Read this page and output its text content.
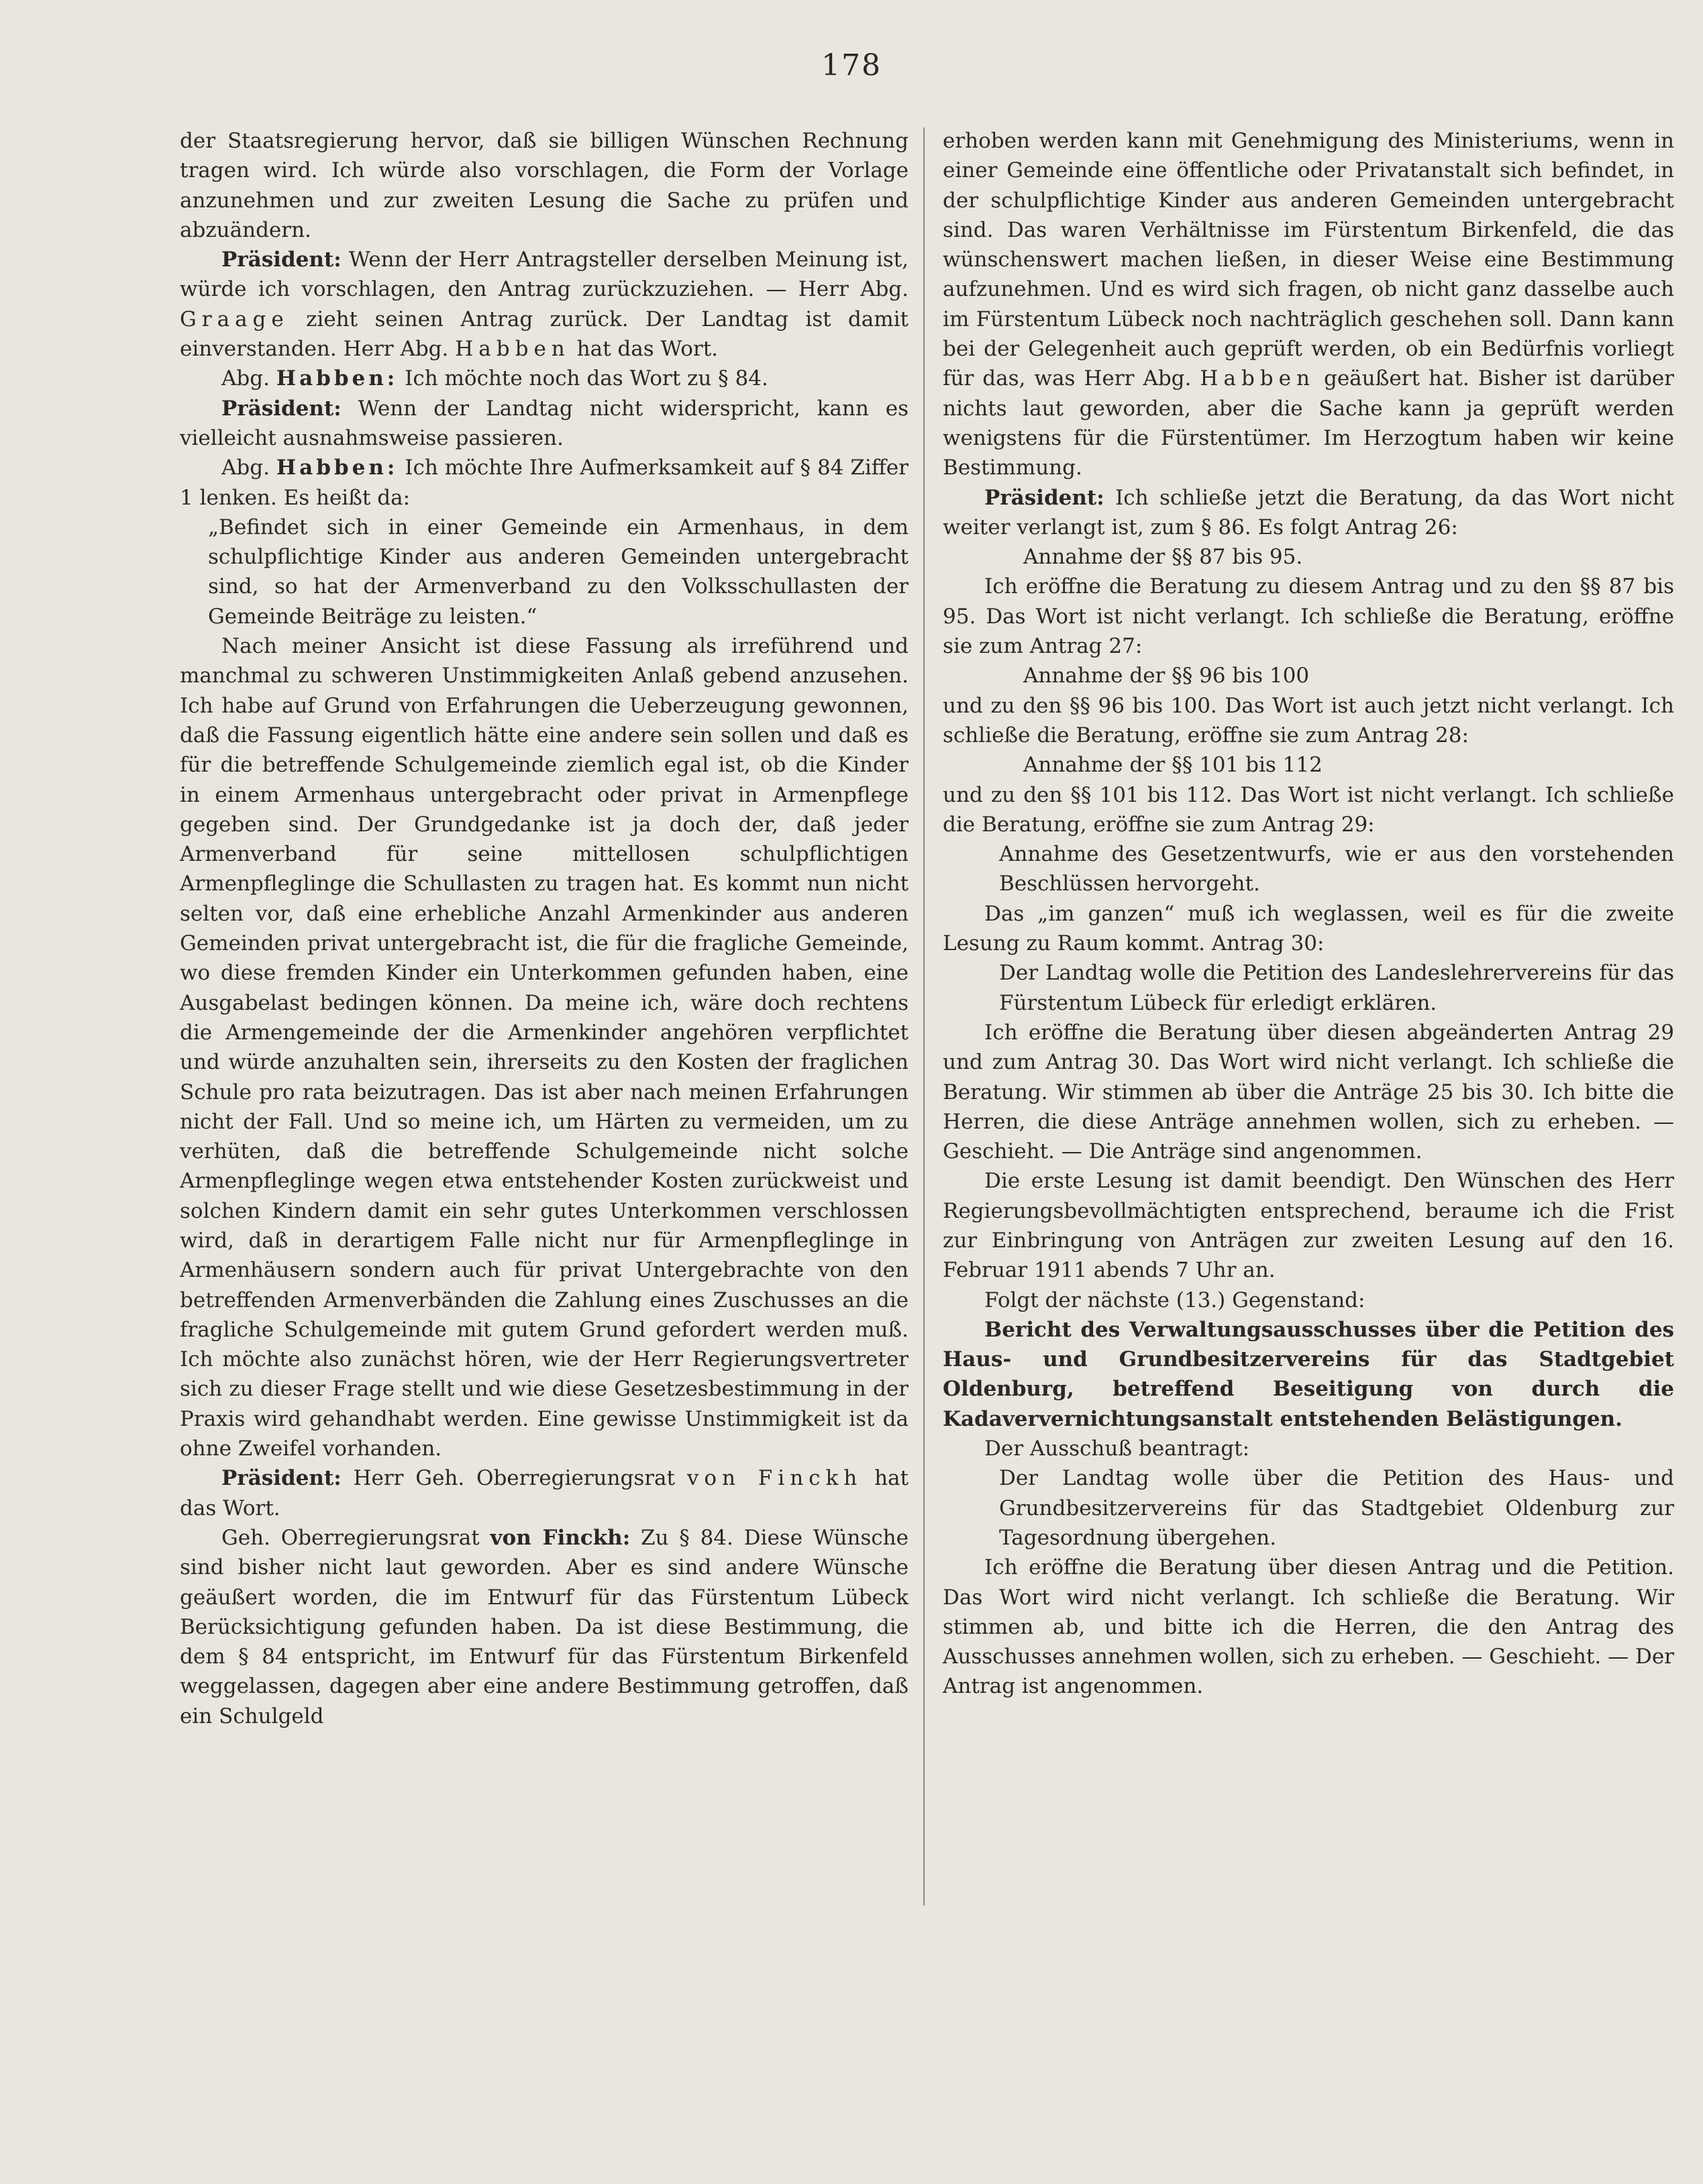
178

der Staatsregierung hervor, daß sie billigen Wünschen Rechnung tragen wird. Ich würde also vorschlagen, die Form der Vorlage anzunehmen und zur zweiten Lesung die Sache zu prüfen und abzuändern.

Präsident: Wenn der Herr Antragsteller derselben Meinung ist, würde ich vorschlagen, den Antrag zurückzuziehen. — Herr Abg. Graage zieht seinen Antrag zurück. Der Landtag ist damit einverstanden. Herr Abg. Habben hat das Wort.

Abg. Habben: Ich möchte noch das Wort zu § 84.

Präsident: Wenn der Landtag nicht widerspricht, kann es vielleicht ausnahmsweise passieren.

Abg. Habben: Ich möchte Ihre Aufmerksamkeit auf § 84 Ziffer 1 lenken. Es heißt da:

„Befindet sich in einer Gemeinde ein Armenhaus, in dem schulpflichtige Kinder aus anderen Gemeinden untergebracht sind, so hat der Armenverband zu den Volksschullasten der Gemeinde Beiträge zu leisten.“

Nach meiner Ansicht ist diese Fassung als irreführend und manchmal zu schweren Unstimmigkeiten Anlaß gebend anzusehen. Ich habe auf Grund von Erfahrungen die Ueberzeugung gewonnen, daß die Fassung eigentlich hätte eine andere sein sollen und daß es für die betreffende Schulgemeinde ziemlich egal ist, ob die Kinder in einem Armenhaus untergebracht oder privat in Armenpflege gegeben sind. Der Grundgedanke ist ja doch der, daß jeder Armenverband für seine mittellosen schulpflichtigen Armenpfleglinge die Schullasten zu tragen hat. Es kommt nun nicht selten vor, daß eine erhebliche Anzahl Armenkinder aus anderen Gemeinden privat untergebracht ist, die für die fragliche Gemeinde, wo diese fremden Kinder ein Unterkommen gefunden haben, eine Ausgabelast bedingen können. Da meine ich, wäre doch rechtens die Armengemeinde der die Armenkinder angehören verpflichtet und würde anzuhalten sein, ihrerseits zu den Kosten der fraglichen Schule pro rata beizutragen. Das ist aber nach meinen Erfahrungen nicht der Fall. Und so meine ich, um Härten zu vermeiden, um zu verhüten, daß die betreffende Schulgemeinde nicht solche Armenpfleglinge wegen etwa entstehender Kosten zurückweist und solchen Kindern damit ein sehr gutes Unterkommen verschlossen wird, daß in derartigem Falle nicht nur für Armenpfleglinge in Armenhäusern sondern auch für privat Untergebrachte von den betreffenden Armenverbänden die Zahlung eines Zuschusses an die fragliche Schulgemeinde mit gutem Grund gefordert werden muß. Ich möchte also zunächst hören, wie der Herr Regierungsvertreter sich zu dieser Frage stellt und wie diese Gesetzesbestimmung in der Praxis wird gehandhabt werden. Eine gewisse Unstimmigkeit ist da ohne Zweifel vorhanden.

Präsident: Herr Geh. Oberregierungsrat von Finckh hat das Wort.

Geh. Oberregierungsrat von Finckh: Zu § 84. Diese Wünsche sind bisher nicht laut geworden. Aber es sind andere Wünsche geäußert worden, die im Entwurf für das Fürstentum Lübeck Berücksichtigung gefunden haben. Da ist diese Bestimmung, die dem § 84 entspricht, im Entwurf für das Fürstentum Birkenfeld weggelassen, dagegen aber eine andere Bestimmung getroffen, daß ein Schulgeld

erhoben werden kann mit Genehmigung des Ministeriums, wenn in einer Gemeinde eine öffentliche oder Privatanstalt sich befindet, in der schulpflichtige Kinder aus anderen Gemeinden untergebracht sind. Das waren Verhältnisse im Fürstentum Birkenfeld, die das wünschenswert machen ließen, in dieser Weise eine Bestimmung aufzunehmen. Und es wird sich fragen, ob nicht ganz dasselbe auch im Fürstentum Lübeck noch nachträglich geschehen soll. Dann kann bei der Gelegenheit auch geprüft werden, ob ein Bedürfnis vorliegt für das, was Herr Abg. Habben geäußert hat. Bisher ist darüber nichts laut geworden, aber die Sache kann ja geprüft werden wenigstens für die Fürstentümer. Im Herzogtum haben wir keine Bestimmung.

Präsident: Ich schließe jetzt die Beratung, da das Wort nicht weiter verlangt ist, zum § 86. Es folgt Antrag 26:

Annahme der §§ 87 bis 95.

Ich eröffne die Beratung zu diesem Antrag und zu den §§ 87 bis 95. Das Wort ist nicht verlangt. Ich schließe die Beratung, eröffne sie zum Antrag 27:

Annahme der §§ 96 bis 100

und zu den §§ 96 bis 100. Das Wort ist auch jetzt nicht verlangt. Ich schließe die Beratung, eröffne sie zum Antrag 28:

Annahme der §§ 101 bis 112

und zu den §§ 101 bis 112. Das Wort ist nicht verlangt. Ich schließe die Beratung, eröffne sie zum Antrag 29:

Annahme des Gesetzentwurfs, wie er aus den vorstehenden Beschlüssen hervorgeht.

Das „im ganzen“ muß ich weglassen, weil es für die zweite Lesung zu Raum kommt. Antrag 30:

Der Landtag wolle die Petition des Landeslehrervereins für das Fürstentum Lübeck für erledigt erklären.

Ich eröffne die Beratung über diesen abgeänderten Antrag 29 und zum Antrag 30. Das Wort wird nicht verlangt. Ich schließe die Beratung. Wir stimmen ab über die Anträge 25 bis 30. Ich bitte die Herren, die diese Anträge annehmen wollen, sich zu erheben. — Geschieht. — Die Anträge sind angenommen.

Die erste Lesung ist damit beendigt. Den Wünschen des Herr Regierungsbevollmächtigten entsprechend, beraume ich die Frist zur Einbringung von Anträgen zur zweiten Lesung auf den 16. Februar 1911 abends 7 Uhr an.

Folgt der nächste (13.) Gegenstand:

Bericht des Verwaltungsausschusses über die Petition des Haus- und Grundbesitzervereins für das Stadtgebiet Oldenburg, betreffend Beseitigung von durch die Kadaververnichtungsanstalt entstehenden Belästigungen.

Der Ausschuß beantragt:

Der Landtag wolle über die Petition des Haus- und Grundbesitzervereins für das Stadtgebiet Oldenburg zur Tagesordnung übergehen.

Ich eröffne die Beratung über diesen Antrag und die Petition. Das Wort wird nicht verlangt. Ich schließe die Beratung. Wir stimmen ab, und bitte ich die Herren, die den Antrag des Ausschusses annehmen wollen, sich zu erheben. — Geschieht. — Der Antrag ist angenommen.
